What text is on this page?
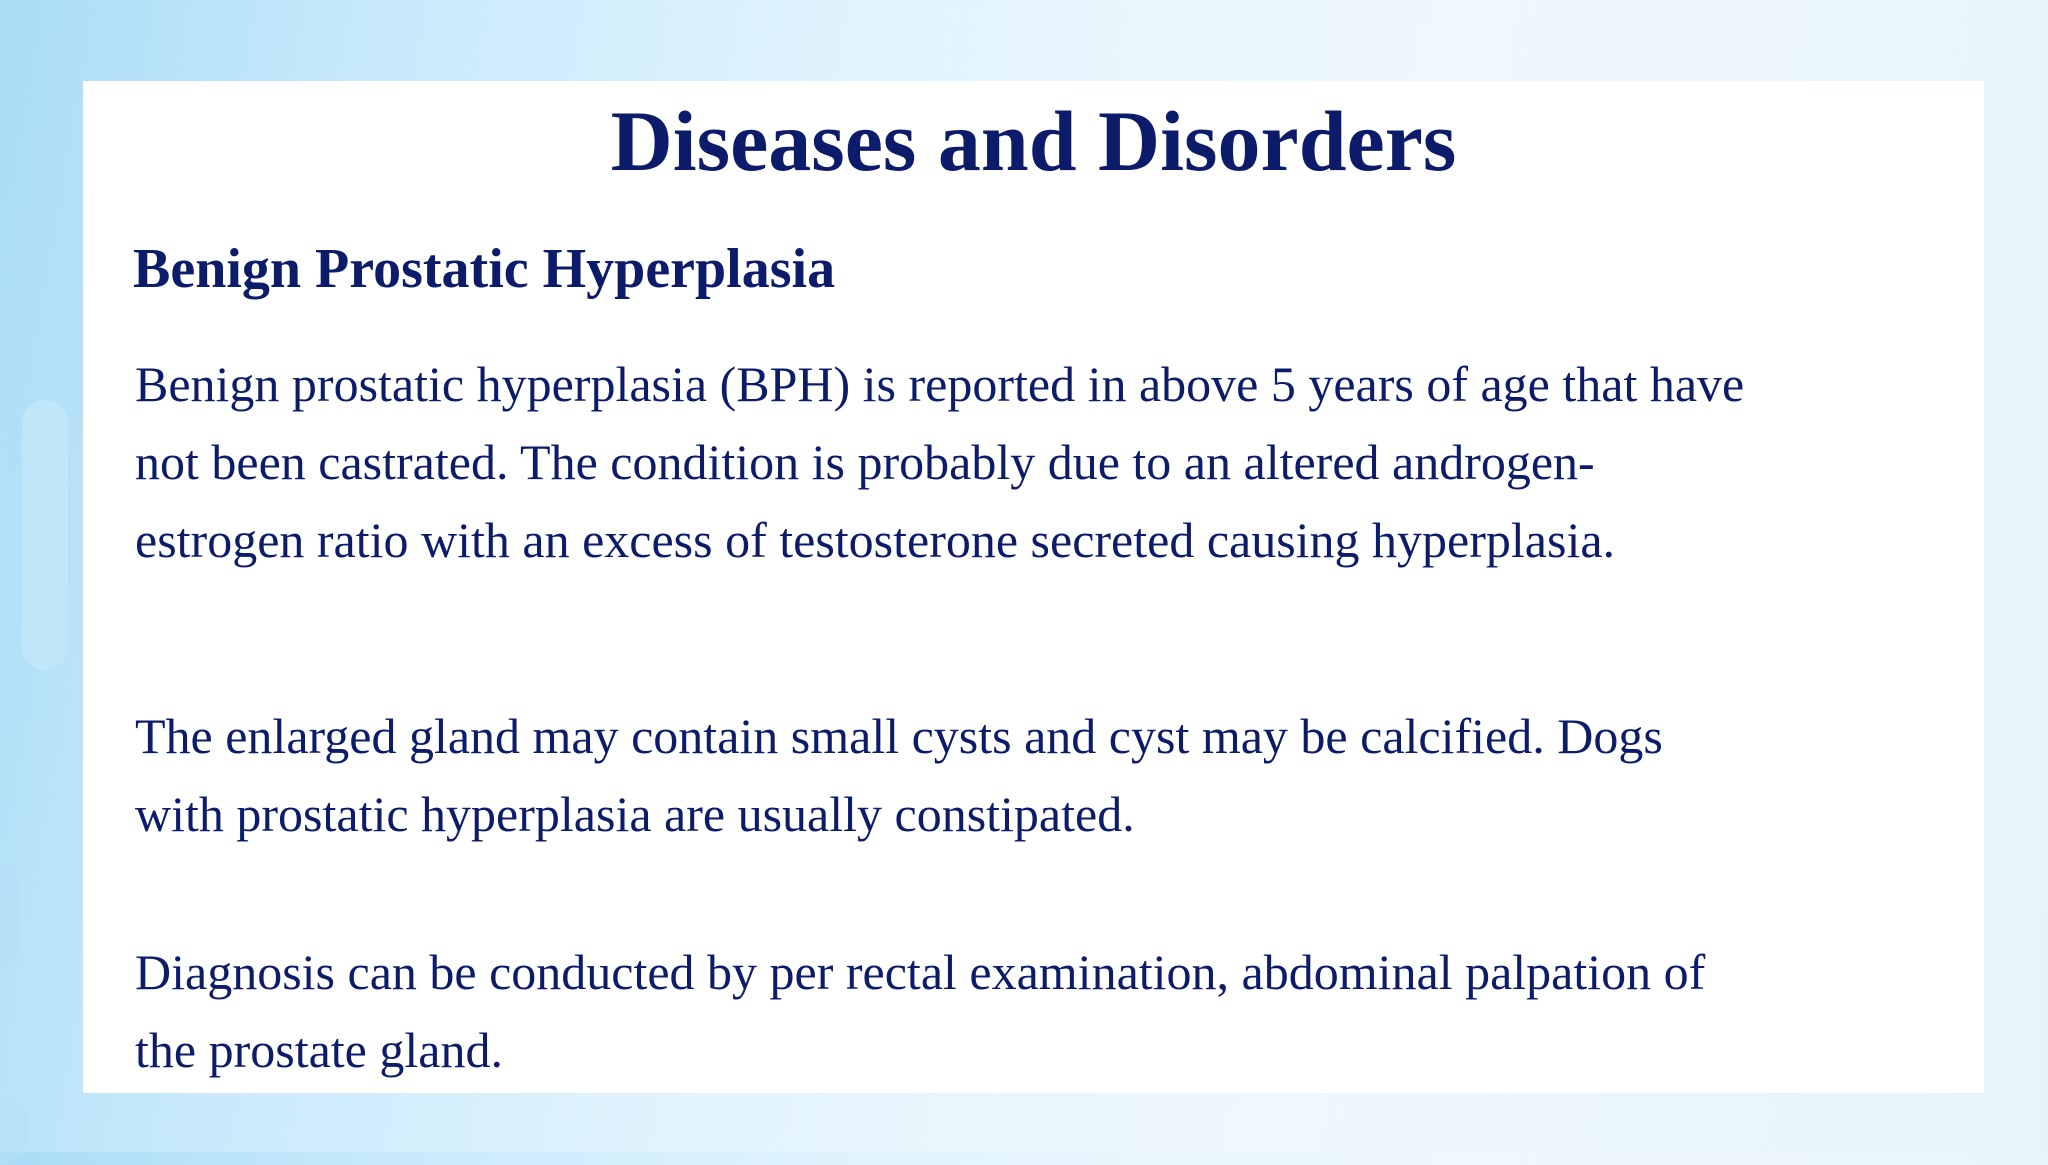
Diseases and Disorders
Benign Prostatic Hyperplasia

Benign prostatic hyperplasia (BPH) is reported in above 5 years of age that have
not been castrated. The condition is probably due to an altered androgen-
estrogen ratio with an excess of testosterone secreted causing hyperplasia.

The enlarged gland may contain small cysts and cyst may be calcified. Dogs
with prostatic hyperplasia are usually constipated.

Diagnosis can be conducted by per rectal examination, abdominal palpation of
the prostate gland.
